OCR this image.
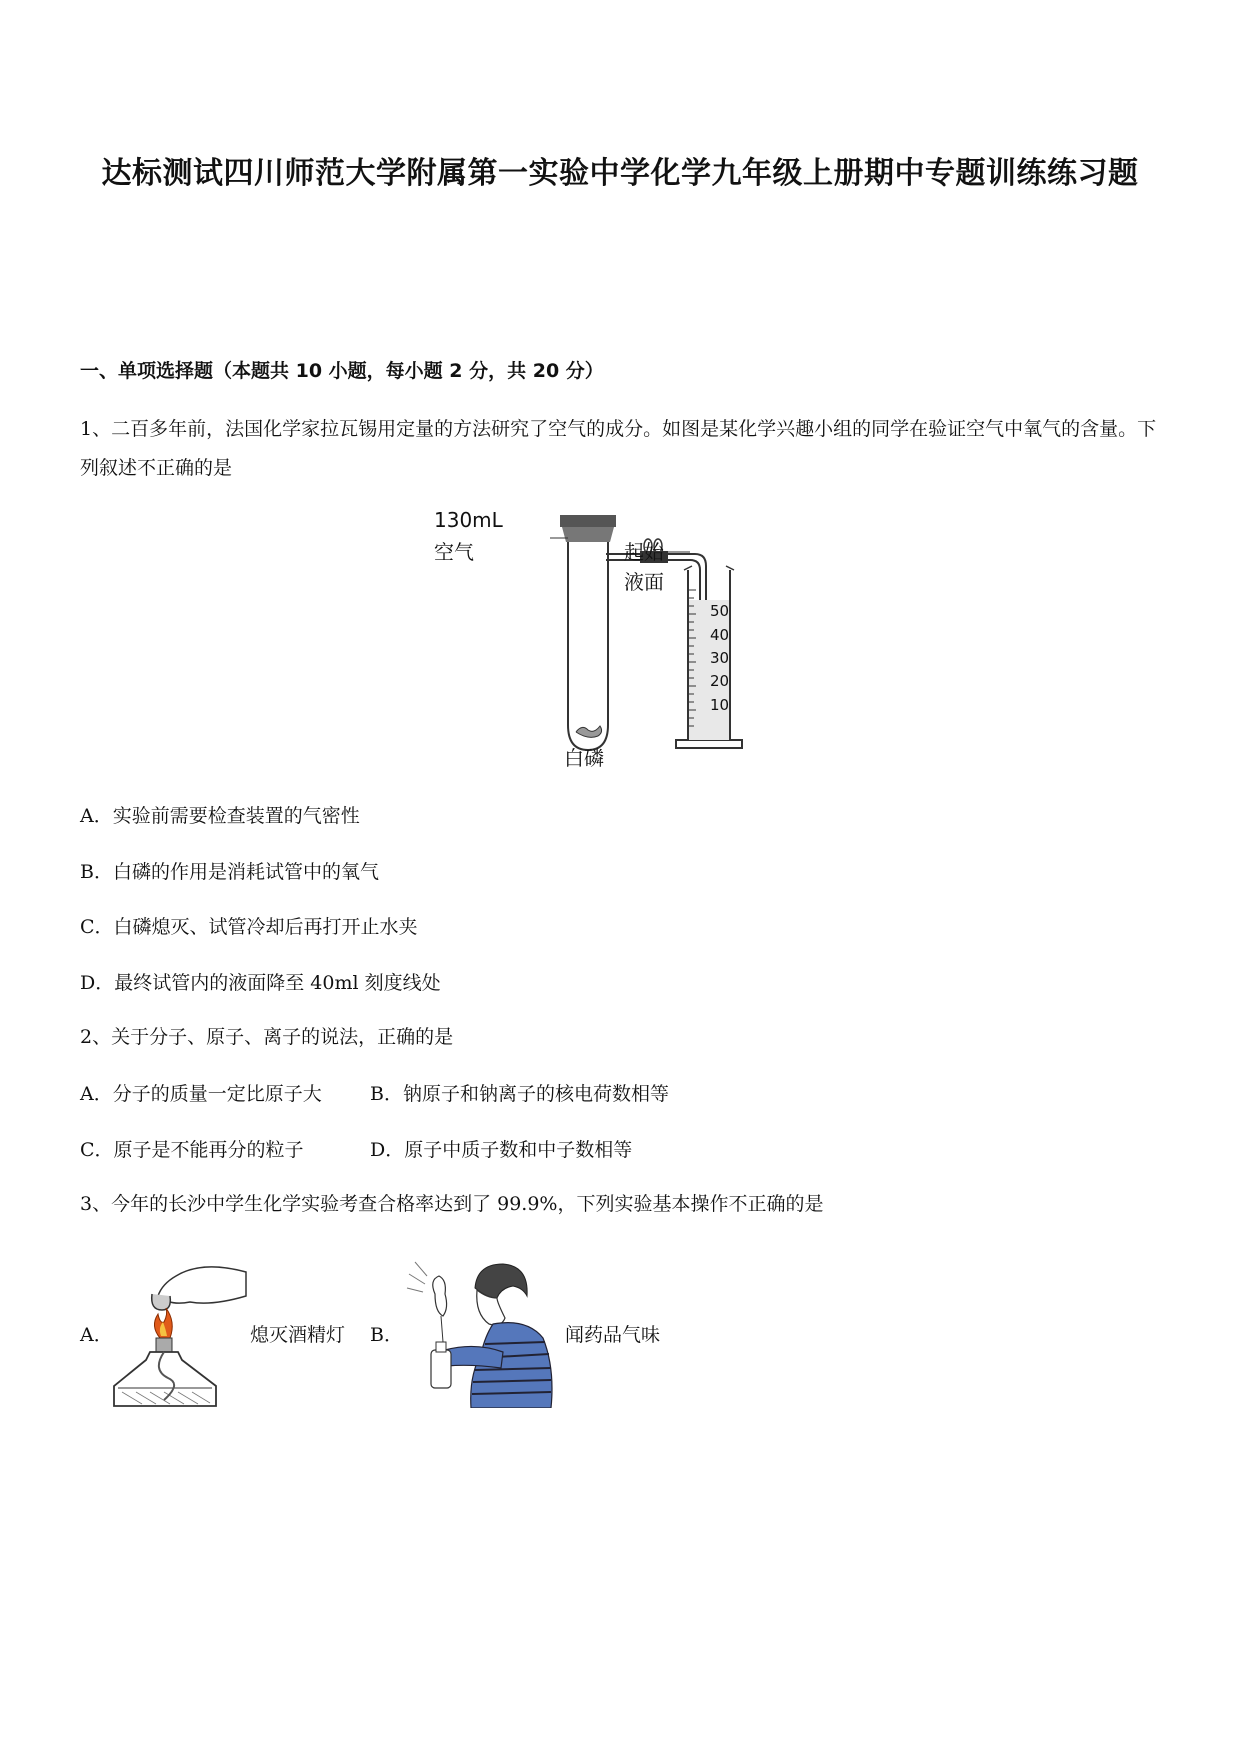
达标测试四川师范大学附属第一实验中学化学九年级上册期中专题训练练习题
一、单项选择题（本题共 10 小题，每小题 2 分，共 20 分）
1、二百多年前，法国化学家拉瓦锡用定量的方法研究了空气的成分。如图是某化学兴趣小组的同学在验证空气中氧气的含量。下列叙述不正确的是
130mL
空气	起始
液面
白磷
50
40
30
20
10
A．实验前需要检查装置的气密性
B．白磷的作用是消耗试管中的氧气
C．白磷熄灭、试管冷却后再打开止水夹
D．最终试管内的液面降至 40ml 刻度线处
2、关于分子、原子、离子的说法，正确的是
A．分子的质量一定比原子大	B．钠原子和钠离子的核电荷数相等
C．原子是不能再分的粒子	D．原子中质子数和中子数相等
3、今年的长沙中学生化学实验考查合格率达到了 99.9%，下列实验基本操作不正确的是
A．	熄灭酒精灯 B．	闻药品气味
